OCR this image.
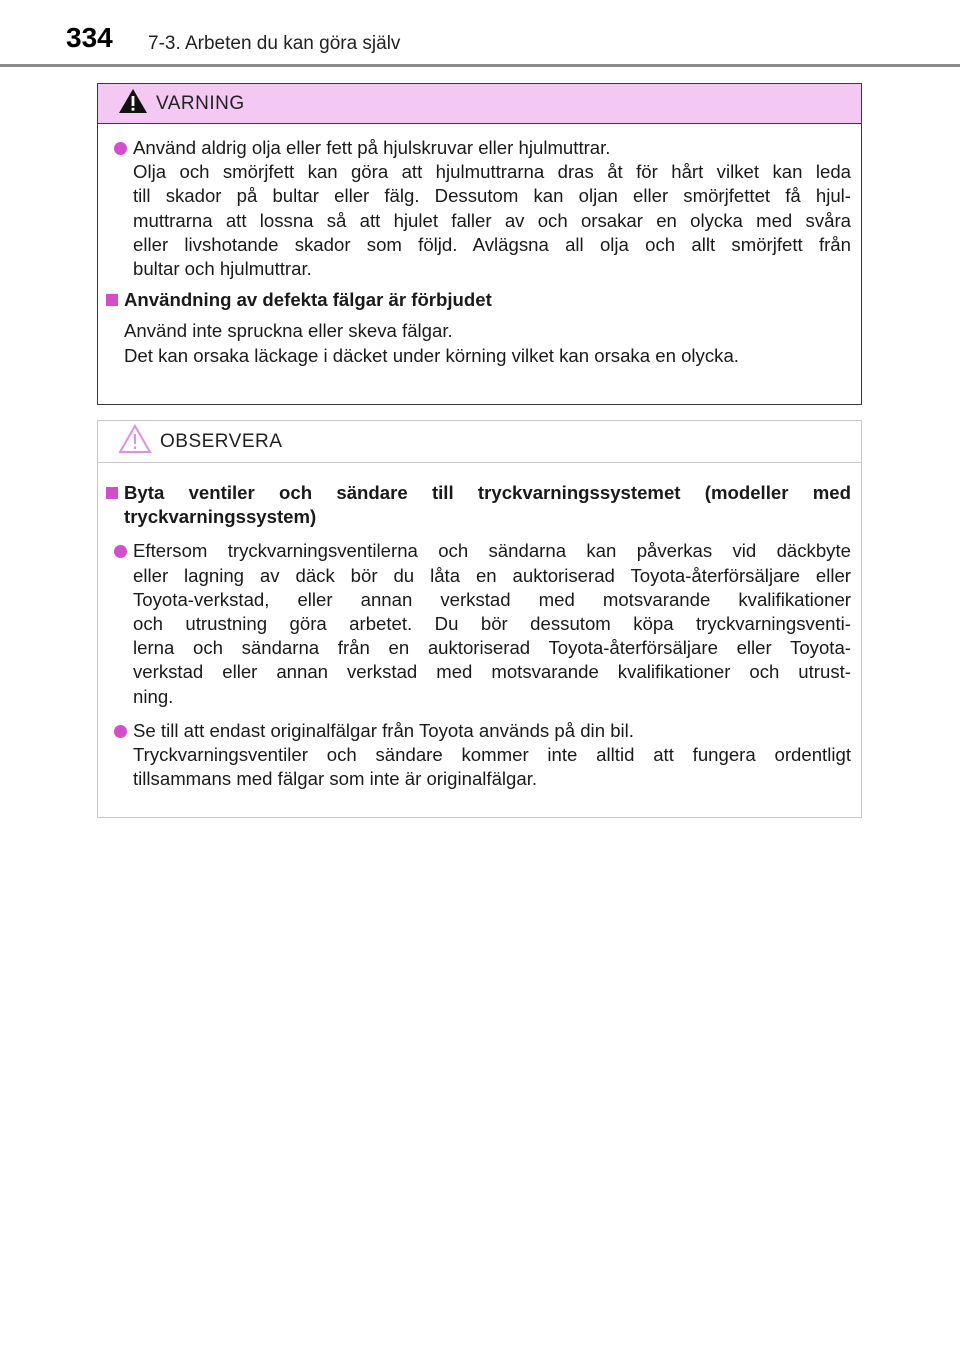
334 7-3. Arbeten du kan göra själv
VARNING
Använd aldrig olja eller fett på hjulskruvar eller hjulmuttrar.
Olja och smörjfett kan göra att hjulmuttrarna dras åt för hårt vilket kan leda
till skador på bultar eller fälg. Dessutom kan oljan eller smörjfettet få hjul-
muttrarna att lossna så att hjulet faller av och orsakar en olycka med svåra
eller livshotande skador som följd. Avlägsna all olja och allt smörjfett från
bultar och hjulmuttrar.
Användning av defekta fälgar är förbjudet
Använd inte spruckna eller skeva fälgar.
Det kan orsaka läckage i däcket under körning vilket kan orsaka en olycka.
OBSERVERA
Byta ventiler och sändare till tryckvarningssystemet (modeller med
tryckvarningssystem)
Eftersom tryckvarningsventilerna och sändarna kan påverkas vid däckbyte
eller lagning av däck bör du låta en auktoriserad Toyota-återförsäljare eller
Toyota-verkstad, eller annan verkstad med motsvarande kvalifikationer
och utrustning göra arbetet. Du bör dessutom köpa tryckvarningsventi-
lerna och sändarna från en auktoriserad Toyota-återförsäljare eller Toyota-
verkstad eller annan verkstad med motsvarande kvalifikationer och utrust-
ning.
Se till att endast originalfälgar från Toyota används på din bil.
Tryckvarningsventiler och sändare kommer inte alltid att fungera ordentligt
tillsammans med fälgar som inte är originalfälgar.
